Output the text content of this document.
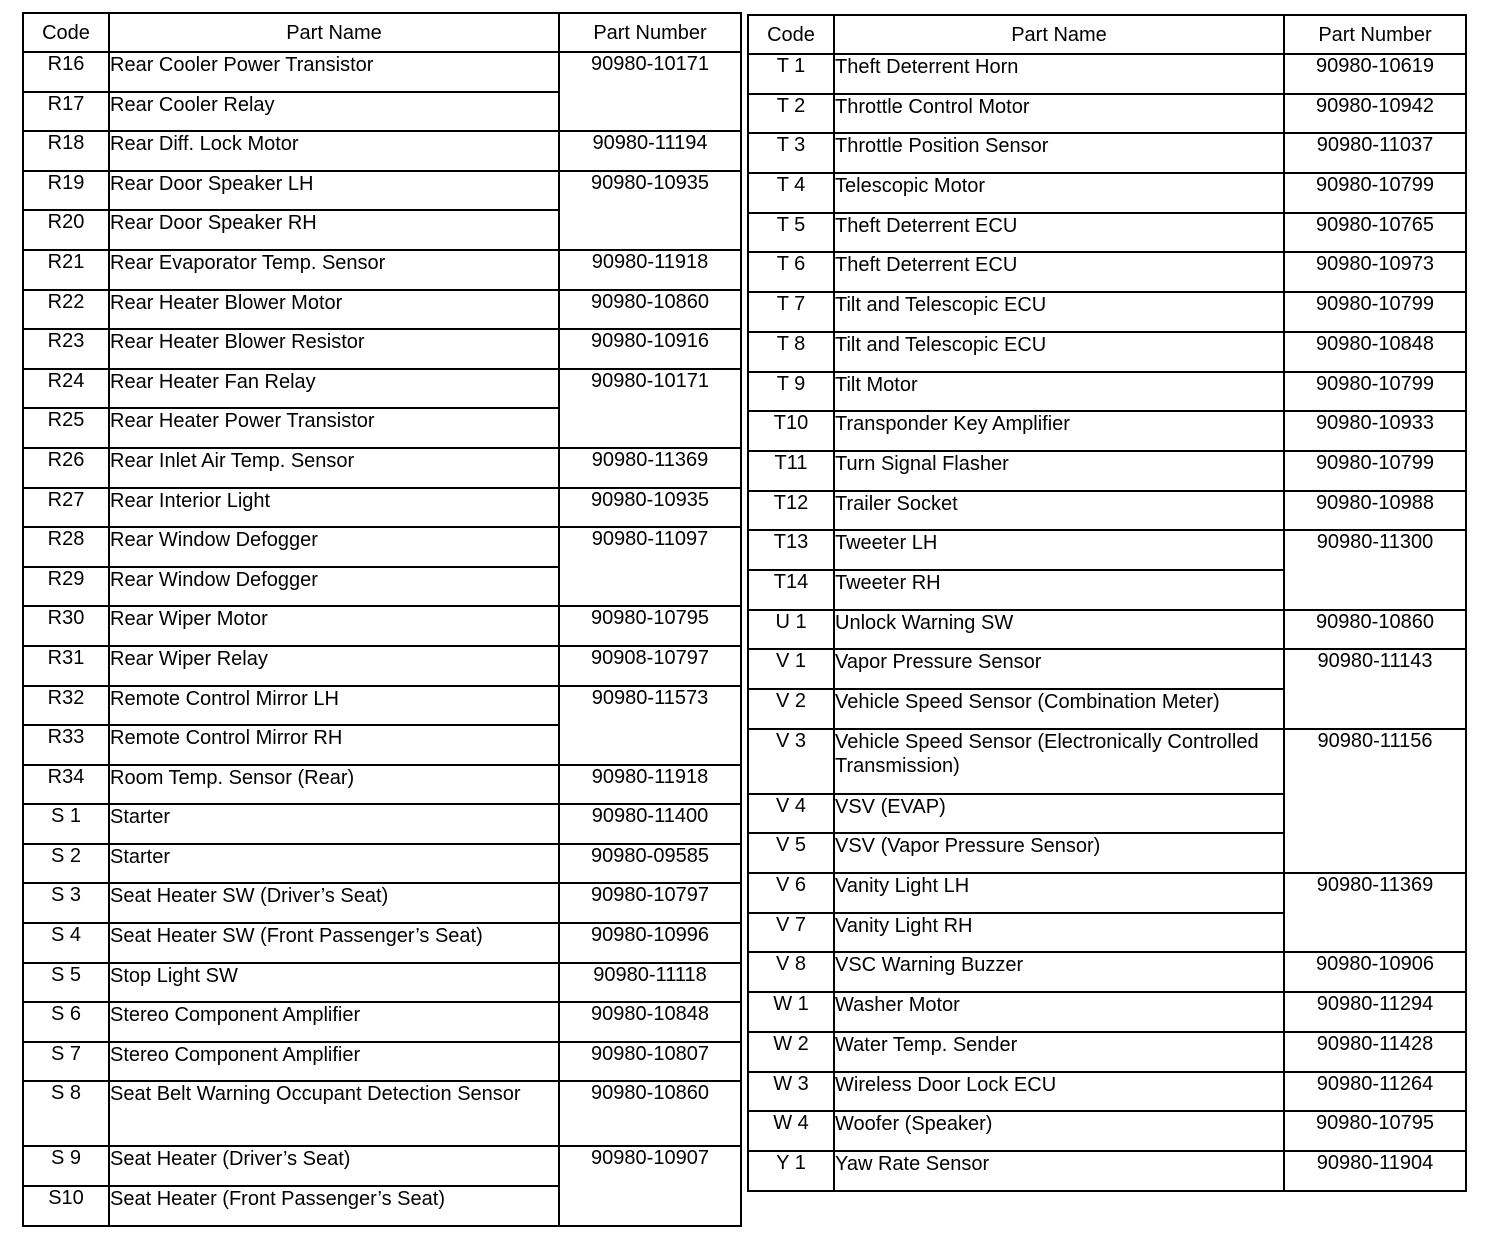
Code	Part Name	Part Number
R16	Rear Cooler Power Transistor	90980-10171
R17	Rear Cooler Relay	
R18	Rear Diff. Lock Motor	90980-11194
R19	Rear Door Speaker LH	90980-10935
R20	Rear Door Speaker RH	
R21	Rear Evaporator Temp. Sensor	90980-11918
R22	Rear Heater Blower Motor	90980-10860
R23	Rear Heater Blower Resistor	90980-10916
R24	Rear Heater Fan Relay	90980-10171
R25	Rear Heater Power Transistor	
R26	Rear Inlet Air Temp. Sensor	90980-11369
R27	Rear Interior Light	90980-10935
R28	Rear Window Defogger	90980-11097
R29	Rear Window Defogger	
R30	Rear Wiper Motor	90980-10795
R31	Rear Wiper Relay	90908-10797
R32	Remote Control Mirror LH	90980-11573
R33	Remote Control Mirror RH	
R34	Room Temp. Sensor (Rear)	90980-11918
S 1	Starter	90980-11400
S 2	Starter	90980-09585
S 3	Seat Heater SW (Driver’s Seat)	90980-10797
S 4	Seat Heater SW (Front Passenger’s Seat)	90980-10996
S 5	Stop Light SW	90980-11118
S 6	Stereo Component Amplifier	90980-10848
S 7	Stereo Component Amplifier	90980-10807
S 8	Seat Belt Warning Occupant Detection Sensor	90980-10860
S 9	Seat Heater (Driver’s Seat)	90980-10907
S10	Seat Heater (Front Passenger’s Seat)	
Code	Part Name	Part Number
T 1	Theft Deterrent Horn	90980-10619
T 2	Throttle Control Motor	90980-10942
T 3	Throttle Position Sensor	90980-11037
T 4	Telescopic Motor	90980-10799
T 5	Theft Deterrent ECU	90980-10765
T 6	Theft Deterrent ECU	90980-10973
T 7	Tilt and Telescopic ECU	90980-10799
T 8	Tilt and Telescopic ECU	90980-10848
T 9	Tilt Motor	90980-10799
T10	Transponder Key Amplifier	90980-10933
T11	Turn Signal Flasher	90980-10799
T12	Trailer Socket	90980-10988
T13	Tweeter LH	90980-11300
T14	Tweeter RH	
U 1	Unlock Warning SW	90980-10860
V 1	Vapor Pressure Sensor	90980-11143
V 2	Vehicle Speed Sensor (Combination Meter)	
V 3	Vehicle Speed Sensor (Electronically Controlled Transmission)	90980-11156
V 4	VSV (EVAP)	
V 5	VSV (Vapor Pressure Sensor)	
V 6	Vanity Light LH	90980-11369
V 7	Vanity Light RH	
V 8	VSC Warning Buzzer	90980-10906
W 1	Washer Motor	90980-11294
W 2	Water Temp. Sender	90980-11428
W 3	Wireless Door Lock ECU	90980-11264
W 4	Woofer (Speaker)	90980-10795
Y 1	Yaw Rate Sensor	90980-11904
